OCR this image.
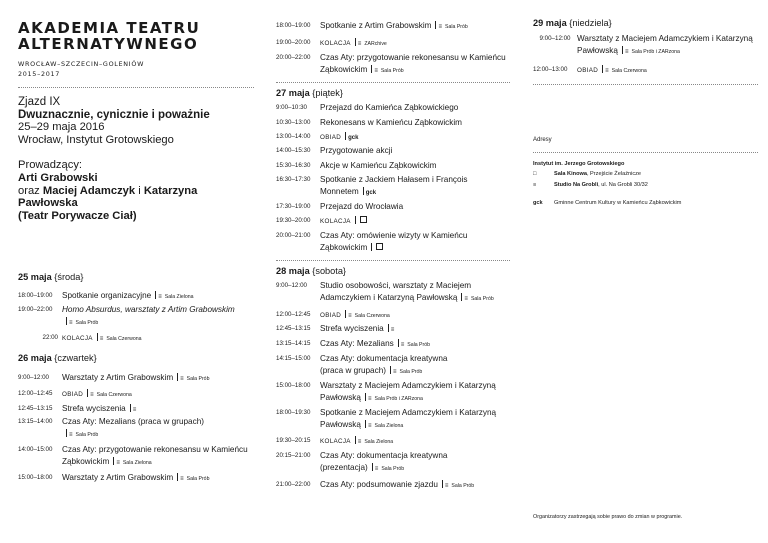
AKADEMIA TEATRU
ALTERNATYWNEGO
WROCŁAW–SZCZECIN–GOLENIÓW
2015–2017
Zjazd IX
Dwuznacznie, cynicznie i poważnie
25–29 maja 2016
Wrocław, Instytut Grotowskiego
Prowadzący:
Arti Grabowski
oraz Maciej Adamczyk i Katarzyna Pawłowska
(Teatr Porywacze Ciał)
25 maja {środa}
18:00–19:00	Spotkanie organizacyjne ≡ Sala Zielona
19:00–22:00	Homo Absurdus, warsztaty z Artim Grabowskim
≡ Sala Prób
22:00 KOLACJA ≡ Sala Czerwona
26 maja {czwartek}
9:00–12:00	Warsztaty z Artim Grabowskim ≡ Sala Prób
12:00–12:45	OBIAD ≡ Sala Czerwona
12:45–13:15	Strefa wyciszenia ≡
13:15–14:00	Czas Aty: Mezalians (praca w grupach)
≡ Sala Prób
14:00–15:00	Czas Aty: przygotowanie rekonesansu w Kamieńcu Ząbkowickim ≡ Sala Zielona
15:00–18:00	Warsztaty z Artim Grabowskim ≡ Sala Prób
18:00–19:00	Spotkanie z Artim Grabowskim ≡ Sala Prób
19:00–20:00	KOLACJA ≡ ZARchive
20:00–22:00	Czas Aty: przygotowanie rekonesansu w Kamieńcu Ząbkowickim ≡ Sala Prób
27 maja {piątek}
9:00–10:30	Przejazd do Kamieńca Ząbkowickiego
10:30–13:00	Rekonesans w Kamieńcu Ząbkowickim
13:00–14:00	OBIAD gck
14:00–15:30	Przygotowanie akcji
15:30–16:30	Akcje w Kamieńcu Ząbkowickim
16:30–17:30	Spotkanie z Jackiem Hałasem i François Monnetem gck
17:30–19:00	Przejazd do Wrocławia
19:30–20:00	KOLACJA
20:00–21:00	Czas Aty: omówienie wizyty w Kamieńcu Ząbkowickim
28 maja {sobota}
9:00–12:00	Studio osobowości, warsztaty z Maciejem Adamczykiem i Katarzyną Pawłowską ≡ Sala Prób
12:00–12:45	OBIAD ≡ Sala Czerwona
12:45–13:15	Strefa wyciszenia ≡
13:15–14:15	Czas Aty: Mezalians ≡ Sala Prób
14:15–15:00	Czas Aty: dokumentacja kreatywna (praca w grupach) ≡ Sala Prób
15:00–18:00	Warsztaty z Maciejem Adamczykiem i Katarzyną Pawłowską ≡ Sala Prób i ZARzona
18:00–19:30	Spotkanie z Maciejem Adamczykiem i Katarzyną Pawłowską ≡ Sala Zielona
19:30–20:15	KOLACJA ≡ Sala Zielona
20:15–21:00	Czas Aty: dokumentacja kreatywna (prezentacja) ≡ Sala Prób
21:00–22:00	Czas Aty: podsumowanie zjazdu ≡ Sala Prób
29 maja {niedziela}
9:00–12:00 Warsztaty z Maciejem Adamczykiem i Katarzyną Pawłowską ≡ Sala Prób i ZARzona
12:00–13:00	OBIAD ≡ Sala Czerwona
Adresy
Instytut im. Jerzego Grotowskiego
□	Sala Kinowa, Przejście Żelaźnicze
≡	Studio Na Grobli, ul. Na Grobli 30/32
gck	Gminne Centrum Kultury w Kamieńcu Ząbkowickim
Organizatorzy zastrzegają sobie prawo do zmian w programie.
